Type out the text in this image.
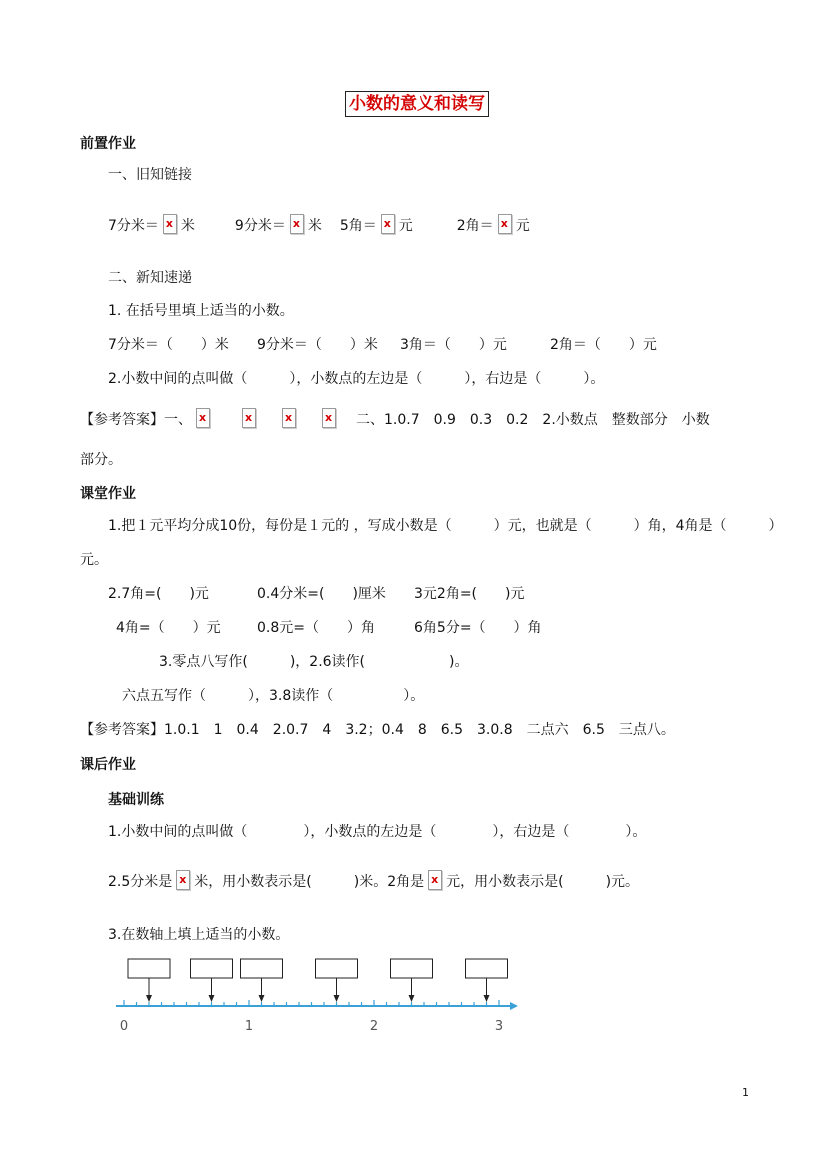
小数的意义和读写
前置作业
一、旧知链接
7分米＝ x 米	9分米＝ x 米 5角＝ x 元	2角＝ x 元
二、新知速递
1. 在括号里填上适当的小数。
7分米＝（　　）米 9分米＝（　　）米 3角＝（　　）元	2角＝（　　）元
2.小数中间的点叫做（　　　），小数点的左边是（　　　），右边是（　　　）。
【参考答案】一、 x x x x	二、1.0.7　0.9　0.3　0.2　2.小数点　整数部分　小数
部分。
课堂作业
1.把１元平均分成10份，每份是１元的 ，写成小数是（　　　）元，也就是（　　　）角，4角是（　　　）
元。
2.7角=(　　)元	0.4分米=(　　)厘米 3元2角=(　　)元
4角=（　　）元	0.8元=（　　）角	6角5分=（　　）角
3.零点八写作(　　　)，2.6读作(　　　　　　)。
六点五写作（　　　），3.8读作（　　　　　）。
【参考答案】1.0.1　1　0.4　2.0.7　4　3.2；0.4　8　6.5　3.0.8　二点六　6.5　三点八。
课后作业
基础训练
1.小数中间的点叫做（　　　　），小数点的左边是（　　　　），右边是（　　　　）。
2.5分米是 x 米，用小数表示是(　　　)米。2角是 x 元，用小数表示是(　　　)元。
3.在数轴上填上适当的小数。
0	1	2	3
1
